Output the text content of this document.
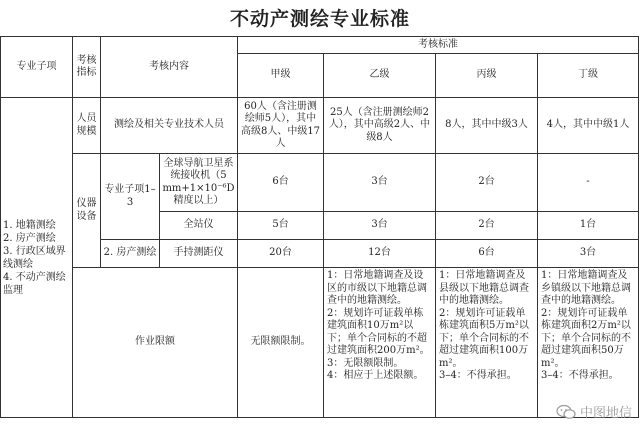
不动产测绘专业标准
专业子项	考核指标	考核内容		考核标准			
				甲级	乙级	丙级	丁级

1. 地籍测绘
2. 房产测绘
3. 行政区域界线测绘
4. 不动产测绘监理	人员规模	测绘及相关专业技术人员		60人（含注册测绘师5人），其中高级8人、中级17人	25人（含注册测绘师2人），其中高级2人、中级8人	8人，其中中级3人	4人，其中中级1人
	仪器设备	专业子项1–3	全球导航卫星系统接收机（5 mm+1×10⁻⁶D 精度以上）	6台	3台	2台	-
			全站仪	5台	3台	2台	1台
		2. 房产测绘	手持测距仪	20台	12台	6台	3台
	作业限额			无限额限制。	1：日常地籍调查及设区的市级以下地籍总调查中的地籍测绘。
2：规划许可证载单栋建筑面积10万m²以下；单个合同标的不超过建筑面积200万m²。
3：无限额限制。
4：相应于上述限额。	1：日常地籍调查及县级以下地籍总调查中的地籍测绘。
2：规划许可证载单栋建筑面积5万m²以下；单个合同标的不超过建筑面积100万m²。
3–4：不得承担。	1：日常地籍调查及乡镇级以下地籍总调查中的地籍测绘。
2：规划许可证载单栋建筑面积2万m²以下；单个合同标的不超过建筑面积50万m²。
3–4：不得承担。
中图地信
